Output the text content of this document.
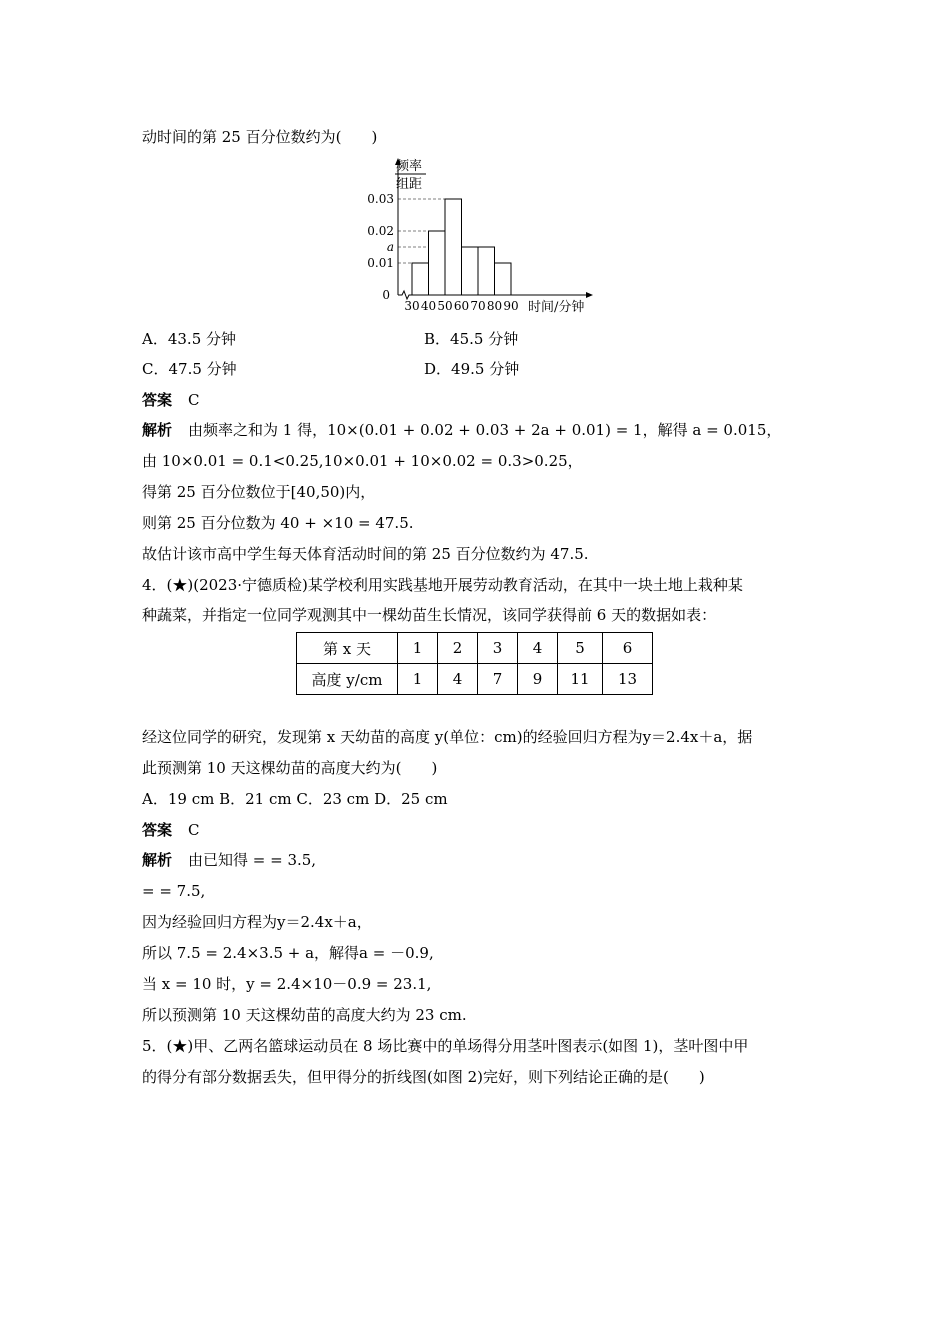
动时间的第 25 百分位数约为(　　)
0.03
0.02
a
0.01
0
30 40 50 60 70 80 90 时间/分钟
频率
组距
A．43.5 分钟	B．45.5 分钟
C．47.5 分钟	D．49.5 分钟
答案 C
解析 由频率之和为 1 得，10×(0.01 + 0.02 + 0.03 + 2a + 0.01) = 1，解得 a = 0.015，
由 10×0.01 = 0.1<0.25,10×0.01 + 10×0.02 = 0.3>0.25，
得第 25 百分位数位于[40,50)内，
则第 25 百分位数为 40 + ×10 = 47.5.
故估计该市高中学生每天体育活动时间的第 25 百分位数约为 47.5.
4．(★)(2023·宁德质检)某学校利用实践基地开展劳动教育活动，在其中一块土地上栽种某
种蔬菜，并指定一位同学观测其中一棵幼苗生长情况，该同学获得前 6 天的数据如表：
第 x 天	1	2	3	4	5	6
高度 y/cm	1	4	7	9	11	13
经这位同学的研究，发现第 x 天幼苗的高度 y(单位：cm)的经验回归方程为y＝2.4x＋a，据
此预测第 10 天这棵幼苗的高度大约为(　　)
A．19 cm B．21 cm C．23 cm D．25 cm
答案 C
解析 由已知得 = = 3.5,
= = 7.5,
因为经验回归方程为y＝2.4x＋a，
所以 7.5 = 2.4×3.5 + a，解得a = －0.9,
当 x = 10 时，y = 2.4×10－0.9 = 23.1,
所以预测第 10 天这棵幼苗的高度大约为 23 cm.
5．(★)甲、乙两名篮球运动员在 8 场比赛中的单场得分用茎叶图表示(如图 1)，茎叶图中甲
的得分有部分数据丢失，但甲得分的折线图(如图 2)完好，则下列结论正确的是(　　)
